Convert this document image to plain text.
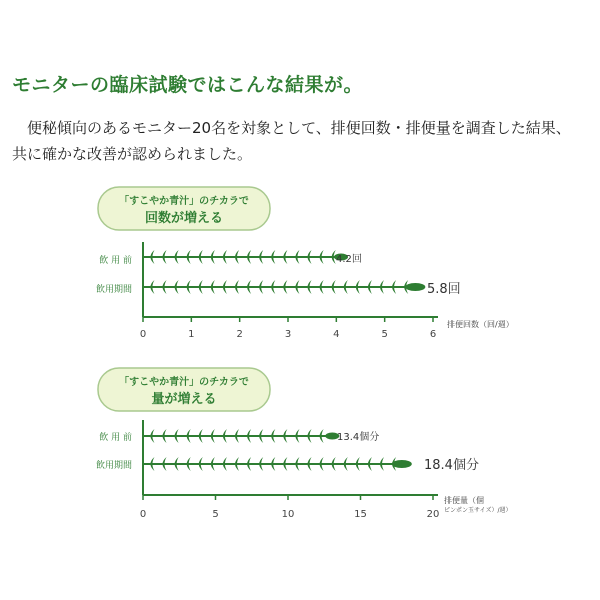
モニターの臨床試験ではこんな結果が。
便秘傾向のあるモニター20名を対象として、排便回数・排便量を調査した結果、共に確かな改善が認められました。
「すこやか青汁」のチカラで
回数が増える
飲 用 前
飲用期間
0	1	2	3	4	5	6
4.2回
5.8回
排便回数（回/週）
「すこやか青汁」のチカラで
量が増える
飲 用 前
飲用期間
0	5	10	15	20
13.4個分
18.4個分
排便量（個
ピンポン玉サイズ）/週）
